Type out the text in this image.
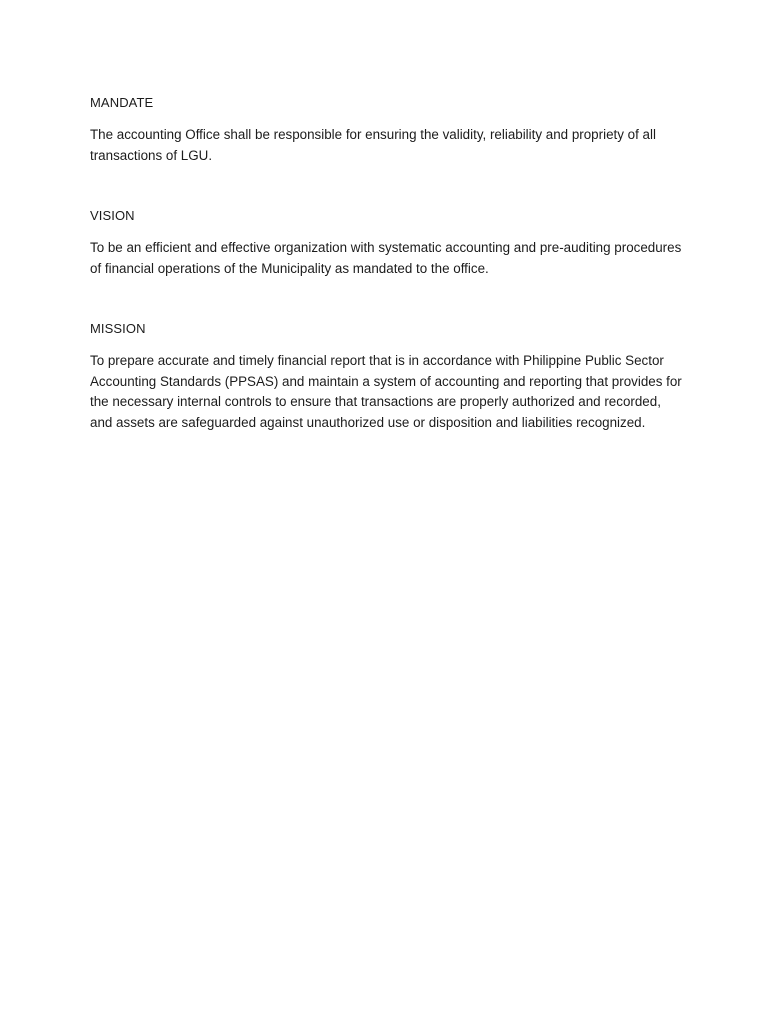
MANDATE

The accounting Office shall be responsible for ensuring the validity, reliability and propriety of all transactions of LGU.

VISION

To be an efficient and effective organization with systematic accounting and pre-auditing procedures of financial operations of the Municipality as mandated to the office.

MISSION

To prepare accurate and timely financial report that is in accordance with Philippine Public Sector Accounting Standards (PPSAS) and maintain a system of accounting and reporting that provides for the necessary internal controls to ensure that transactions are properly authorized and recorded, and assets are safeguarded against unauthorized use or disposition and liabilities recognized.
